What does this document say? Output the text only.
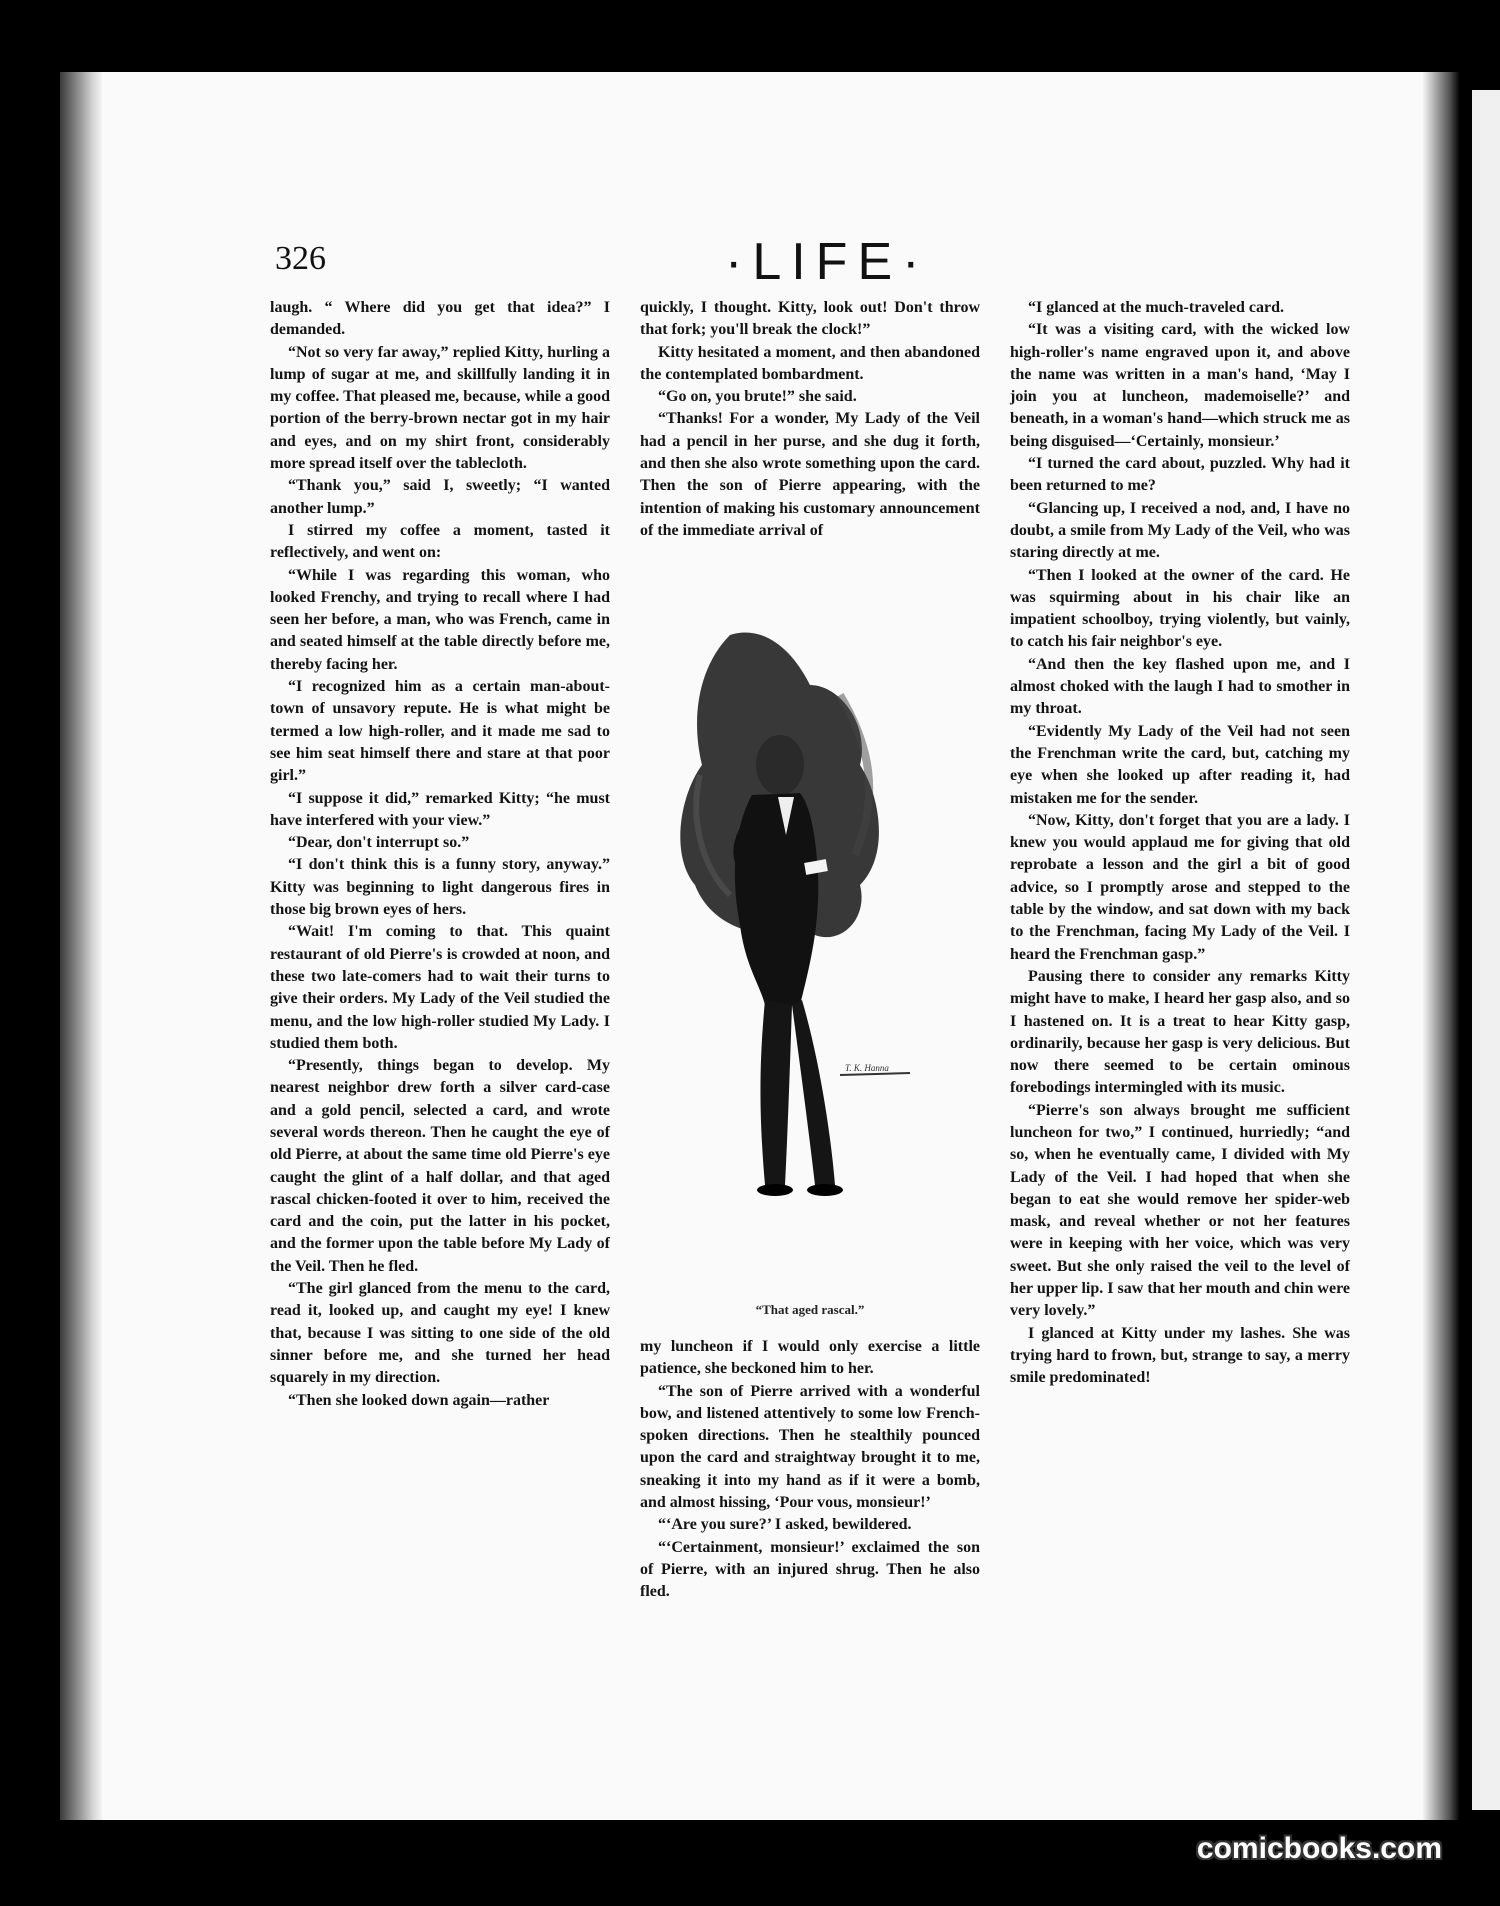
326	·LIFE·

laugh. “ Where did you get that idea?” I demanded.

“Not so very far away,” replied Kitty, hurling a lump of sugar at me, and skillfully landing it in my coffee. That pleased me, because, while a good portion of the berry-brown nectar got in my hair and eyes, and on my shirt front, considerably more spread itself over the tablecloth.

“Thank you,” said I, sweetly; “I wanted another lump.”

I stirred my coffee a moment, tasted it reflectively, and went on:

“While I was regarding this woman, who looked Frenchy, and trying to recall where I had seen her before, a man, who was French, came in and seated himself at the table directly before me, thereby facing her.

“I recognized him as a certain man-about-town of unsavory repute. He is what might be termed a low high-roller, and it made me sad to see him seat himself there and stare at that poor girl.”

“I suppose it did,” remarked Kitty; “he must have interfered with your view.”

“Dear, don't interrupt so.”

“I don't think this is a funny story, anyway.” Kitty was beginning to light dangerous fires in those big brown eyes of hers.

“Wait! I'm coming to that. This quaint restaurant of old Pierre's is crowded at noon, and these two late-comers had to wait their turns to give their orders. My Lady of the Veil studied the menu, and the low high-roller studied My Lady. I studied them both.

“Presently, things began to develop. My nearest neighbor drew forth a silver card-case and a gold pencil, selected a card, and wrote several words thereon. Then he caught the eye of old Pierre, at about the same time old Pierre's eye caught the glint of a half dollar, and that aged rascal chicken-footed it over to him, received the card and the coin, put the latter in his pocket, and the former upon the table before My Lady of the Veil. Then he fled.

“The girl glanced from the menu to the card, read it, looked up, and caught my eye! I knew that, because I was sitting to one side of the old sinner before me, and she turned her head squarely in my direction.

“Then she looked down again—rather

quickly, I thought. Kitty, look out! Don't throw that fork; you'll break the clock!”

Kitty hesitated a moment, and then abandoned the contemplated bombardment.

“Go on, you brute!” she said.

“Thanks! For a wonder, My Lady of the Veil had a pencil in her purse, and she dug it forth, and then she also wrote something upon the card. Then the son of Pierre appearing, with the intention of making his customary announcement of the immediate arrival of

T. K. Hanna
“That aged rascal.”

my luncheon if I would only exercise a little patience, she beckoned him to her.

“The son of Pierre arrived with a wonderful bow, and listened attentively to some low French-spoken directions. Then he stealthily pounced upon the card and straightway brought it to me, sneaking it into my hand as if it were a bomb, and almost hissing, ‘Pour vous, monsieur!’

“‘Are you sure?’ I asked, bewildered.

“‘Certainment, monsieur!’ exclaimed the son of Pierre, with an injured shrug. Then he also fled.

“I glanced at the much-traveled card.

“It was a visiting card, with the wicked low high-roller's name engraved upon it, and above the name was written in a man's hand, ‘May I join you at luncheon, mademoiselle?’ and beneath, in a woman's hand—which struck me as being disguised—‘Certainly, monsieur.’

“I turned the card about, puzzled. Why had it been returned to me?

“Glancing up, I received a nod, and, I have no doubt, a smile from My Lady of the Veil, who was staring directly at me.

“Then I looked at the owner of the card. He was squirming about in his chair like an impatient schoolboy, trying violently, but vainly, to catch his fair neighbor's eye.

“And then the key flashed upon me, and I almost choked with the laugh I had to smother in my throat.

“Evidently My Lady of the Veil had not seen the Frenchman write the card, but, catching my eye when she looked up after reading it, had mistaken me for the sender.

“Now, Kitty, don't forget that you are a lady. I knew you would applaud me for giving that old reprobate a lesson and the girl a bit of good advice, so I promptly arose and stepped to the table by the window, and sat down with my back to the Frenchman, facing My Lady of the Veil. I heard the Frenchman gasp.”

Pausing there to consider any remarks Kitty might have to make, I heard her gasp also, and so I hastened on. It is a treat to hear Kitty gasp, ordinarily, because her gasp is very delicious. But now there seemed to be certain ominous forebodings intermingled with its music.

“Pierre's son always brought me sufficient luncheon for two,” I continued, hurriedly; “and so, when he eventually came, I divided with My Lady of the Veil. I had hoped that when she began to eat she would remove her spider-web mask, and reveal whether or not her features were in keeping with her voice, which was very sweet. But she only raised the veil to the level of her upper lip. I saw that her mouth and chin were very lovely.”

I glanced at Kitty under my lashes. She was trying hard to frown, but, strange to say, a merry smile predominated!

comicbooks.com
